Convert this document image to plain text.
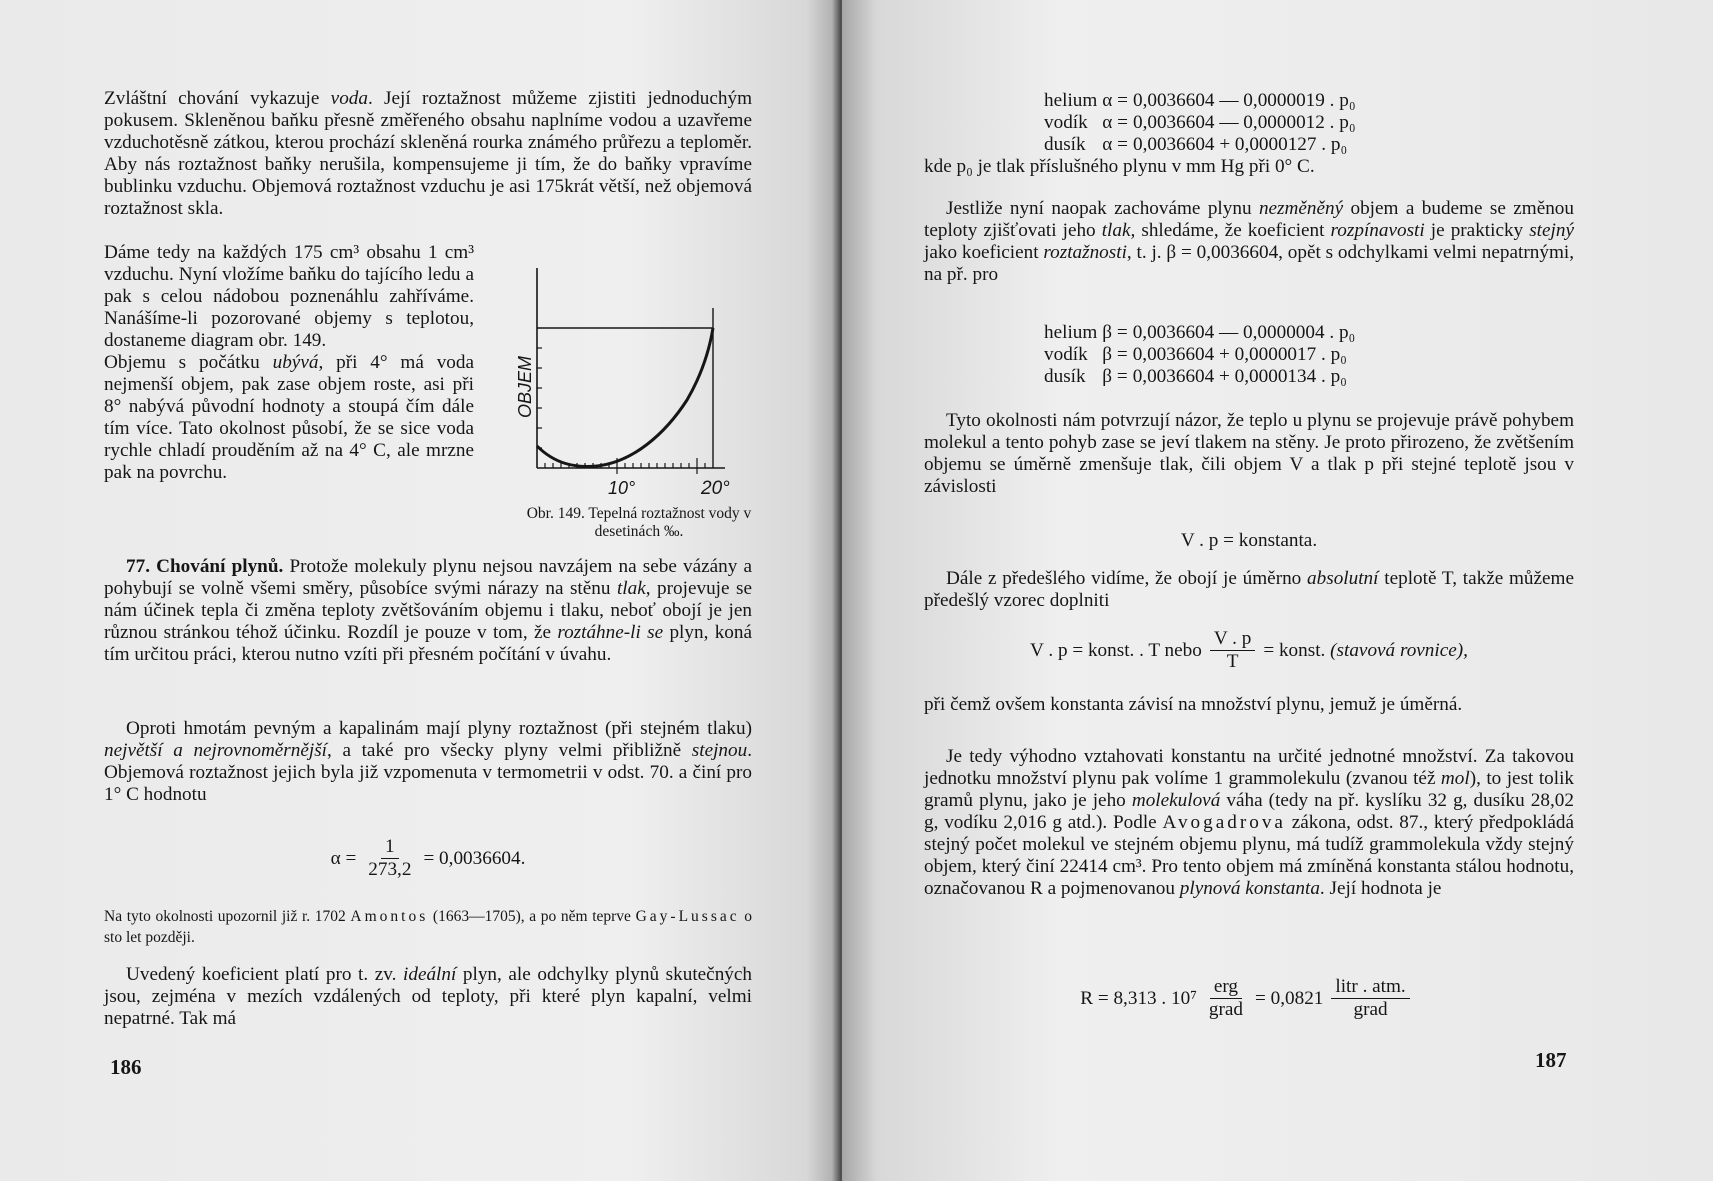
Zvláštní chování vykazuje voda. Její roztažnost můžeme zjistiti jednoduchým pokusem. Skleněnou baňku přesně změřeného obsahu naplníme vodou a uzavřeme vzduchotěsně zátkou, kterou prochází skleněná rourka známého průřezu a teploměr. Aby nás roztažnost baňky nerušila, kompensujeme ji tím, že do baňky vpravíme bublinku vzduchu. Objemová roztažnost vzduchu je asi 175krát větší, než objemová roztažnost skla.

Dáme tedy na každých 175 cm³ obsahu 1 cm³ vzduchu. Nyní vložíme baňku do tajícího ledu a pak s celou nádobou poznenáhlu zahříváme. Nanášíme-li pozorované objemy s teplotou, dostaneme diagram obr. 149.

Objemu s počátku ubývá, při 4° má voda nejmenší objem, pak zase objem roste, asi při 8° nabývá původní hodnoty a stoupá čím dále tím více. Tato okolnost působí, že se sice voda rychle chladí prouděním až na 4° C, ale mrzne pak na povrchu.

OBJEM
10°	20°
Obr. 149. Tepelná roztažnost vody v desetinách ‰.

77. Chování plynů. Protože molekuly plynu nejsou navzájem na sebe vázány a pohybují se volně všemi směry, působíce svými nárazy na stěnu tlak, projevuje se nám účinek tepla či změna teploty zvětšováním objemu i tlaku, neboť obojí je jen různou stránkou téhož účinku. Rozdíl je pouze v tom, že roztáhne-li se plyn, koná tím určitou práci, kterou nutno vzíti při přesném počítání v úvahu.

Oproti hmotám pevným a kapalinám mají plyny roztažnost (při stejném tlaku) největší a nejrovnoměrnější, a také pro všecky plyny velmi přibližně stejnou. Objemová roztažnost jejich byla již vzpomenuta v termometrii v odst. 70. a činí pro 1° C hodnotu

$\alpha = \frac{1}{273,2} = 0,0036604$.

Na tyto okolnosti upozornil již r. 1702 Amontos (1663—1705), a po něm teprve Gay-Lussac o sto let později.

Uvedený koeficient platí pro t. zv. ideální plyn, ale odchylky plynů skutečných jsou, zejména v mezích vzdálených od teploty, při které plyn kapalní, velmi nepatrné. Tak má

186
helium	α =	0,0036604 — 0,0000019 . p₀
vodík	α =	0,0036604 — 0,0000012 . p₀
dusík	α =	0,0036604 + 0,0000127 . p₀

kde p₀ je tlak příslušného plynu v mm Hg při 0° C.

Jestliže nyní naopak zachováme plynu nezměněný objem a budeme se změnou teploty zjišťovati jeho tlak, shledáme, že koeficient rozpínavosti je prakticky stejný jako koeficient roztažnosti, t. j. β = 0,0036604, opět s odchylkami velmi nepatrnými, na př. pro

helium	β =	0,0036604 — 0,0000004 . p₀
vodík	β =	0,0036604 + 0,0000017 . p₀
dusík	β =	0,0036604 + 0,0000134 . p₀

Tyto okolnosti nám potvrzují názor, že teplo u plynu se projevuje právě pohybem molekul a tento pohyb zase se jeví tlakem na stěny. Je proto přirozeno, že zvětšením objemu se úměrně zmenšuje tlak, čili objem V a tlak p při stejné teplotě jsou v závislosti

V . p = konstanta.

Dále z předešlého vidíme, že obojí je úměrno absolutní teplotě T, takže můžeme předešlý vzorec doplniti

V . p = konst. . T nebo $\frac{V . p}{T}$ = konst.
(stavová rovnice),

při čemž ovšem konstanta závisí na množství plynu, jemuž je úměrná.

Je tedy výhodno vztahovati konstantu na určité jednotné množství. Za takovou jednotku množství plynu pak volíme 1 grammolekulu (zvanou též mol), to jest tolik gramů plynu, jako je jeho molekulová váha (tedy na př. kyslíku 32 g, dusíku 28,02 g, vodíku 2,016 g atd.). Podle Avogadrova zákona, odst. 87., který předpokládá stejný počet molekul ve stejném objemu plynu, má tudíž grammolekula vždy stejný objem, který činí 22414 cm³. Pro tento objem má zmíněná konstanta stálou hodnotu, označovanou R a pojmenovanou plynová konstanta. Její hodnota je

R = 8,313 . $10^7 \frac{\text{erg}}{\text{grad}} = 0,0821 \frac{\text{litr . atm.}}{\text{grad}}$
187
